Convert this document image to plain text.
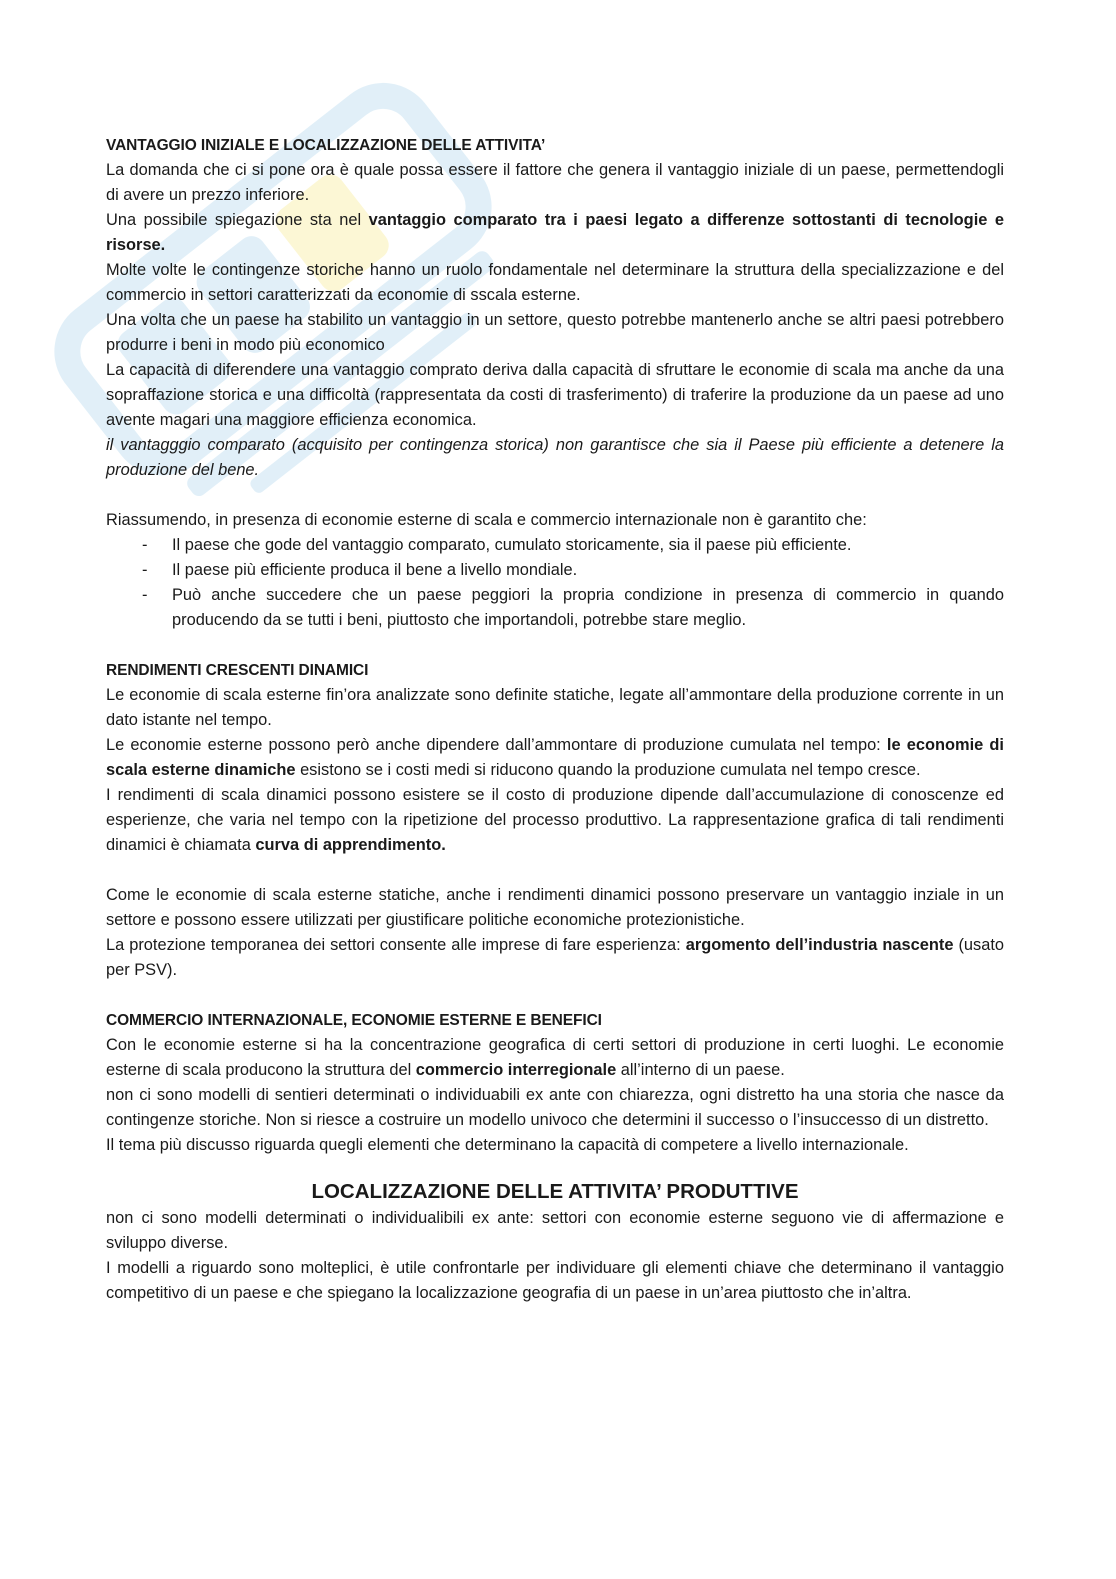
VANTAGGIO INIZIALE E LOCALIZZAZIONE DELLE ATTIVITA’

La domanda che ci si pone ora è quale possa essere il fattore che genera il vantaggio iniziale di un paese, permettendogli di avere un prezzo inferiore.

Una possibile spiegazione sta nel vantaggio comparato tra i paesi legato a differenze sottostanti di tecnologie e risorse.

Molte volte le contingenze storiche hanno un ruolo fondamentale nel determinare la struttura della specializzazione e del commercio in settori caratterizzati da economie di sscala esterne.

Una volta che un paese ha stabilito un vantaggio in un settore, questo potrebbe mantenerlo anche se altri paesi potrebbero produrre i beni in modo più economico

La capacità di diferendere una vantaggio comprato deriva dalla capacità di sfruttare le economie di scala ma anche da una sopraffazione storica e una difficoltà (rappresentata da costi di trasferimento) di traferire la produzione da un paese ad uno avente magari una maggiore efficienza economica.

il vantagggio comparato (acquisito per contingenza storica) non garantisce che sia il Paese più efficiente a detenere la produzione del bene.

Riassumendo, in presenza di economie esterne di scala e commercio internazionale non è garantito che:

- Il paese che gode del vantaggio comparato, cumulato storicamente, sia il paese più efficiente.
- Il paese più efficiente produca il bene a livello mondiale.
- Può anche succedere che un paese peggiori la propria condizione in presenza di commercio in quando producendo da se tutti i beni, piuttosto che importandoli, potrebbe stare meglio.
RENDIMENTI CRESCENTI DINAMICI

Le economie di scala esterne fin’ora analizzate sono definite statiche, legate all’ammontare della produzione corrente in un dato istante nel tempo.

Le economie esterne possono però anche dipendere dall’ammontare di produzione cumulata nel tempo: le economie di scala esterne dinamiche esistono se i costi medi si riducono quando la produzione cumulata nel tempo cresce.

I rendimenti di scala dinamici possono esistere se il costo di produzione dipende dall’accumulazione di conoscenze ed esperienze, che varia nel tempo con la ripetizione del processo produttivo. La rappresentazione grafica di tali rendimenti dinamici è chiamata curva di apprendimento.

Come le economie di scala esterne statiche, anche i rendimenti dinamici possono preservare un vantaggio inziale in un settore e possono essere utilizzati per giustificare politiche economiche protezionistiche.

La protezione temporanea dei settori consente alle imprese di fare esperienza: argomento dell’industria nascente (usato per PSV).

COMMERCIO INTERNAZIONALE, ECONOMIE ESTERNE E BENEFICI

Con le economie esterne si ha la concentrazione geografica di certi settori di produzione in certi luoghi. Le economie esterne di scala producono la struttura del commercio interregionale all’interno di un paese.

non ci sono modelli di sentieri determinati o individuabili ex ante con chiarezza, ogni distretto ha una storia che nasce da contingenze storiche. Non si riesce a costruire un modello univoco che determini il successo o l’insuccesso di un distretto.

Il tema più discusso riguarda quegli elementi che determinano la capacità di competere a livello internazionale.

LOCALIZZAZIONE DELLE ATTIVITA’ PRODUTTIVE

non ci sono modelli determinati o individualibili ex ante: settori con economie esterne seguono vie di affermazione e sviluppo diverse.

I modelli a riguardo sono molteplici, è utile confrontarle per individuare gli elementi chiave che determinano il vantaggio competitivo di un paese e che spiegano la localizzazione geografia di un paese in un’area piuttosto che in’altra.
